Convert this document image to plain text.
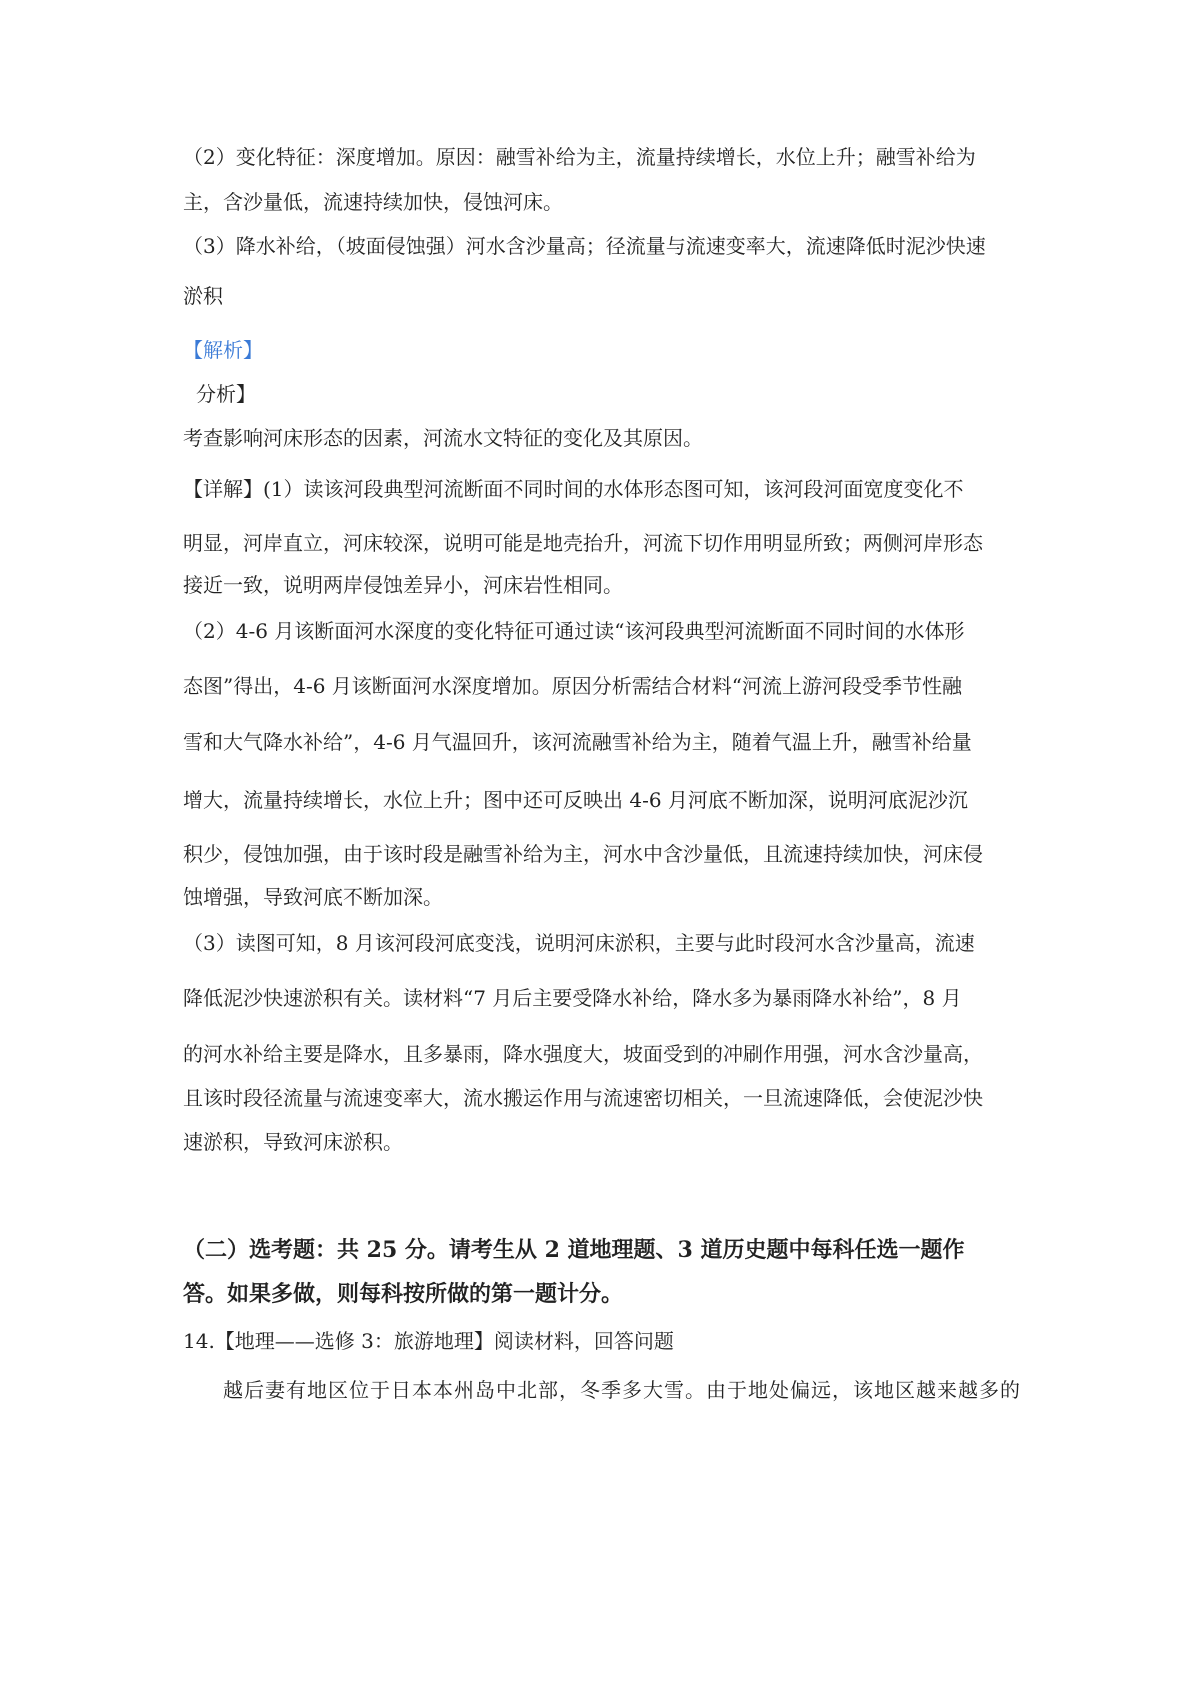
（2）变化特征：深度增加。原因：融雪补给为主，流量持续增长，水位上升；融雪补给为
主，含沙量低，流速持续加快，侵蚀河床。
（3）降水补给，（坡面侵蚀强）河水含沙量高；径流量与流速变率大，流速降低时泥沙快速
淤积
【解析】
分析】
考查影响河床形态的因素，河流水文特征的变化及其原因。
【详解】(1）读该河段典型河流断面不同时间的水体形态图可知，该河段河面宽度变化不
明显，河岸直立，河床较深，说明可能是地壳抬升，河流下切作用明显所致；两侧河岸形态
接近一致，说明两岸侵蚀差异小，河床岩性相同。
（2）4-6 月该断面河水深度的变化特征可通过读“该河段典型河流断面不同时间的水体形
态图”得出，4-6 月该断面河水深度增加。原因分析需结合材料“河流上游河段受季节性融
雪和大气降水补给”，4-6 月气温回升，该河流融雪补给为主，随着气温上升，融雪补给量
增大，流量持续增长，水位上升；图中还可反映出 4-6 月河底不断加深，说明河底泥沙沉
积少，侵蚀加强，由于该时段是融雪补给为主，河水中含沙量低，且流速持续加快，河床侵
蚀增强，导致河底不断加深。
（3）读图可知，8 月该河段河底变浅，说明河床淤积，主要与此时段河水含沙量高，流速
降低泥沙快速淤积有关。读材料“7 月后主要受降水补给，降水多为暴雨降水补给”，8 月
的河水补给主要是降水，且多暴雨，降水强度大，坡面受到的冲刷作用强，河水含沙量高，
且该时段径流量与流速变率大，流水搬运作用与流速密切相关，一旦流速降低，会使泥沙快
速淤积，导致河床淤积。
（二）选考题：共 25 分。请考生从 2 道地理题、3 道历史题中每科任选一题作
答。如果多做，则每科按所做的第一题计分。
14.【地理——选修 3：旅游地理】阅读材料，回答问题
越后妻有地区位于日本本州岛中北部，冬季多大雪。由于地处偏远，该地区越来越多的
